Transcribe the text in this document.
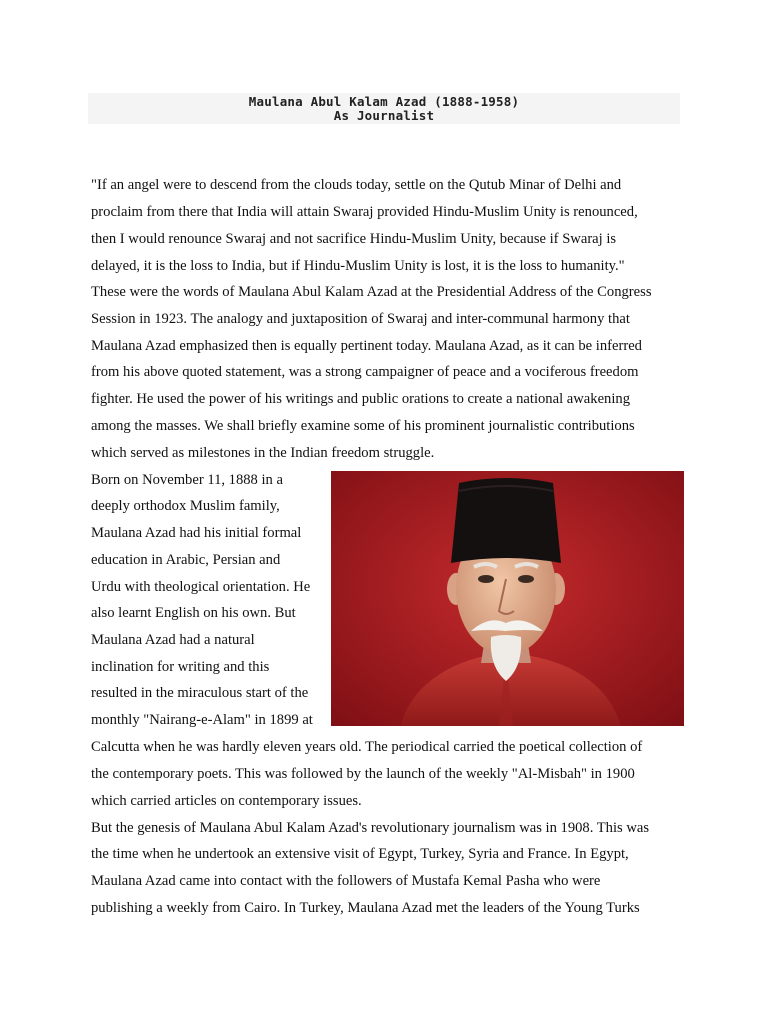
Maulana Abul Kalam Azad (1888-1958)
As Journalist
"If an angel were to descend from the clouds today, settle on the Qutub Minar of Delhi and
proclaim from there that India will attain Swaraj provided Hindu-Muslim Unity is renounced,
then I would renounce Swaraj and not sacrifice Hindu-Muslim Unity, because if Swaraj is
delayed, it is the loss to India, but if Hindu-Muslim Unity is lost, it is the loss to humanity."
These were the words of Maulana Abul Kalam Azad at the Presidential Address of the Congress
Session in 1923. The analogy and juxtaposition of Swaraj and inter-communal harmony that
Maulana Azad emphasized then is equally pertinent today. Maulana Azad, as it can be inferred
from his above quoted statement, was a strong campaigner of peace and a vociferous freedom
fighter. He used the power of his writings and public orations to create a national awakening
among the masses. We shall briefly examine some of his prominent journalistic contributions
which served as milestones in the Indian freedom struggle.
Born on November 11, 1888 in a
deeply orthodox Muslim family,
Maulana Azad had his initial formal
education in Arabic, Persian and
Urdu with theological orientation. He
also learnt English on his own. But
Maulana Azad had a natural
inclination for writing and this
resulted in the miraculous start of the
monthly "Nairang-e-Alam" in 1899 at
Calcutta when he was hardly eleven years old. The periodical carried the poetical collection of
the contemporary poets. This was followed by the launch of the weekly "Al-Misbah" in 1900
which carried articles on contemporary issues.
But the genesis of Maulana Abul Kalam Azad's revolutionary journalism was in 1908. This was
the time when he undertook an extensive visit of Egypt, Turkey, Syria and France. In Egypt,
Maulana Azad came into contact with the followers of Mustafa Kemal Pasha who were
publishing a weekly from Cairo. In Turkey, Maulana Azad met the leaders of the Young Turks
